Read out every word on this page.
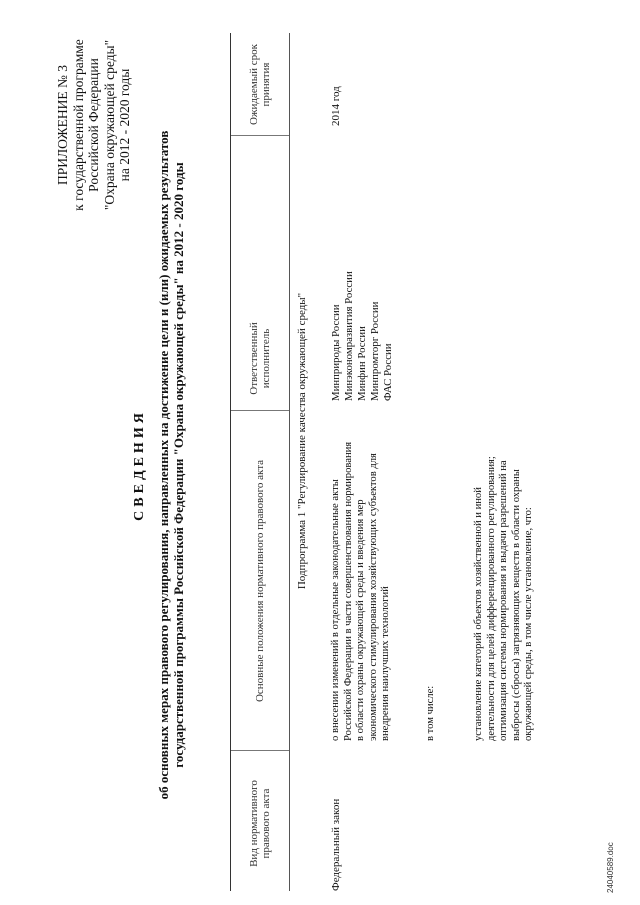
ПРИЛОЖЕНИЕ № 3 к государственной программе Российской Федерации "Охрана окружающей среды" на 2012 - 2020 годы
СВЕДЕНИЯ об основных мерах правового регулирования, направленных на достижение цели и (или) ожидаемых результатов государственной программы Российской Федерации "Охрана окружающей среды" на 2012 - 2020 годы
Вид нормативного правового акта
Основные положения нормативного правового акта
Ответственный исполнитель
Ожидаемый срок принятия
Подпрограмма 1 "Регулирование качества окружающей среды"
Федеральный закон
о внесении изменений в отдельные законодательные акты Российской Федерации в части совершенствования нормирования в области охраны окружающей среды и введения мер экономического стимулирования хозяйствующих субъектов для внедрения наилучших технологий	в том числе:	установление категорий объектов хозяйственной и иной деятельности для целей дифференцированного регулирования; оптимизация системы нормирования и выдачи разрешений на выбросы (сбросы) загрязняющих веществ в области охраны окружающей среды, в том числе установление, что:
Минприроды России Минэкономразвития России Минфин России Минпромторг России ФАС России
2014 год
24040589.doc
